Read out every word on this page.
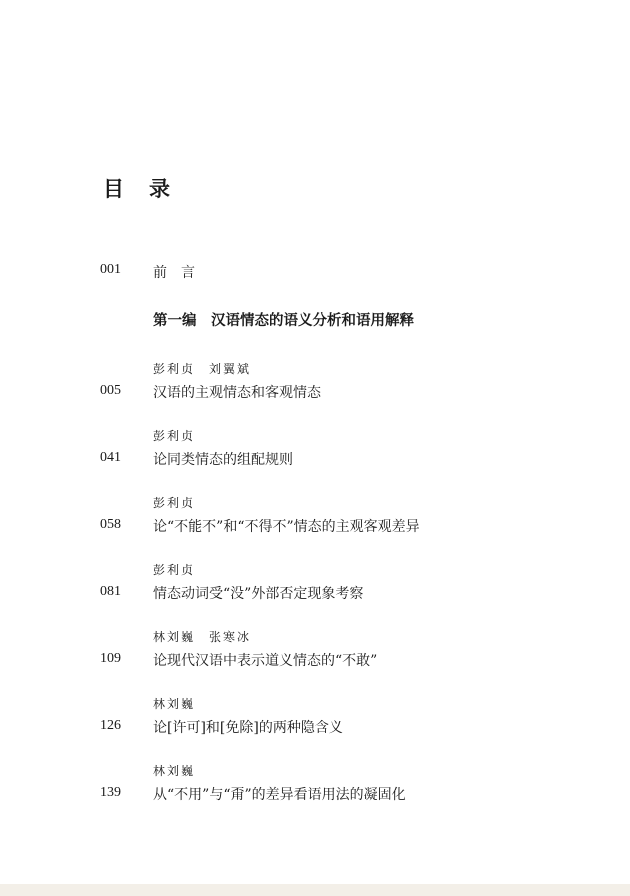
目 录
001 前　言
第一编　汉语情态的语义分析和语用解释
彭利贞　刘翼斌
005 汉语的主观情态和客观情态
彭利贞
041 论同类情态的组配规则
彭利贞
058 论“不能不”和“不得不”情态的主观客观差异
彭利贞
081 情态动词受“没”外部否定现象考察
林刘巍　张寒冰
109 论现代汉语中表示道义情态的“不敢”
林刘巍
126 论[许可]和[免除]的两种隐含义
林刘巍
139 从“不用”与“甭”的差异看语用法的凝固化
